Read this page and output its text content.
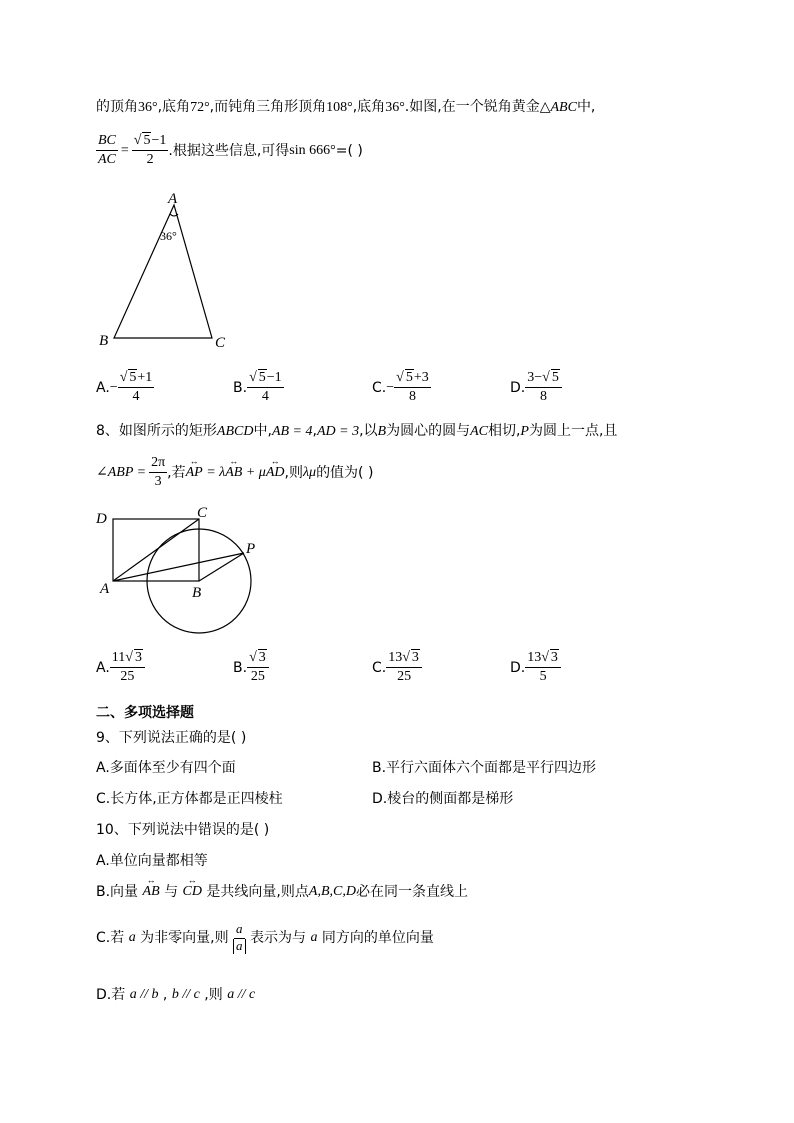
的顶角36°,底角72°,而钝角三角形顶角108°,底角36°.如图,在一个锐角黄金△ABC中,
$\frac{BC}{AC} = \frac{√ 5-1}{2}$ .根据这些信息,可得 sin 666° =( )
A
B	C
36°
A. − $\frac{√ 5+1}{4}$	B. $\frac{√ 5-1}{4}$	C. − $\frac{√ 5+3}{8}$	D. $\frac{3-√ 5}{8}$
8、如图所示的矩形ABCD中,AB = 4,AD = 3,以B为圆心的圆与AC相切,P为圆上一点,且
∠ABP = $\frac{2\pi}{3}$ ,若 ↔ AP = λ ↔ AB + μ ↔ AD ,则 λμ 的值为( )
D	C
A	B
P
A. $\frac{11√ 3}{25}$	B. $\frac{√ 3}{25}$	C. $\frac{13√ 3}{25}$	D. $\frac{13√ 3}{5}$
二、多项选择题
9、下列说法正确的是( )
A.多面体至少有四个面	B.平行六面体六个面都是平行四边形
C.长方体,正方体都是正四棱柱	D.棱台的侧面都是梯形
10、下列说法中错误的是( )
A.单位向量都相等
B.向量 ↔ AB 与 ↔ CD 是共线向量,则点 A,B,C,D 必在同一条直线上
C.若 a 为非零向量,则 $\frac{a}{a}$ 表示为与 a 同方向的单位向量
D.若 a // b , b // c ,则 a // c
